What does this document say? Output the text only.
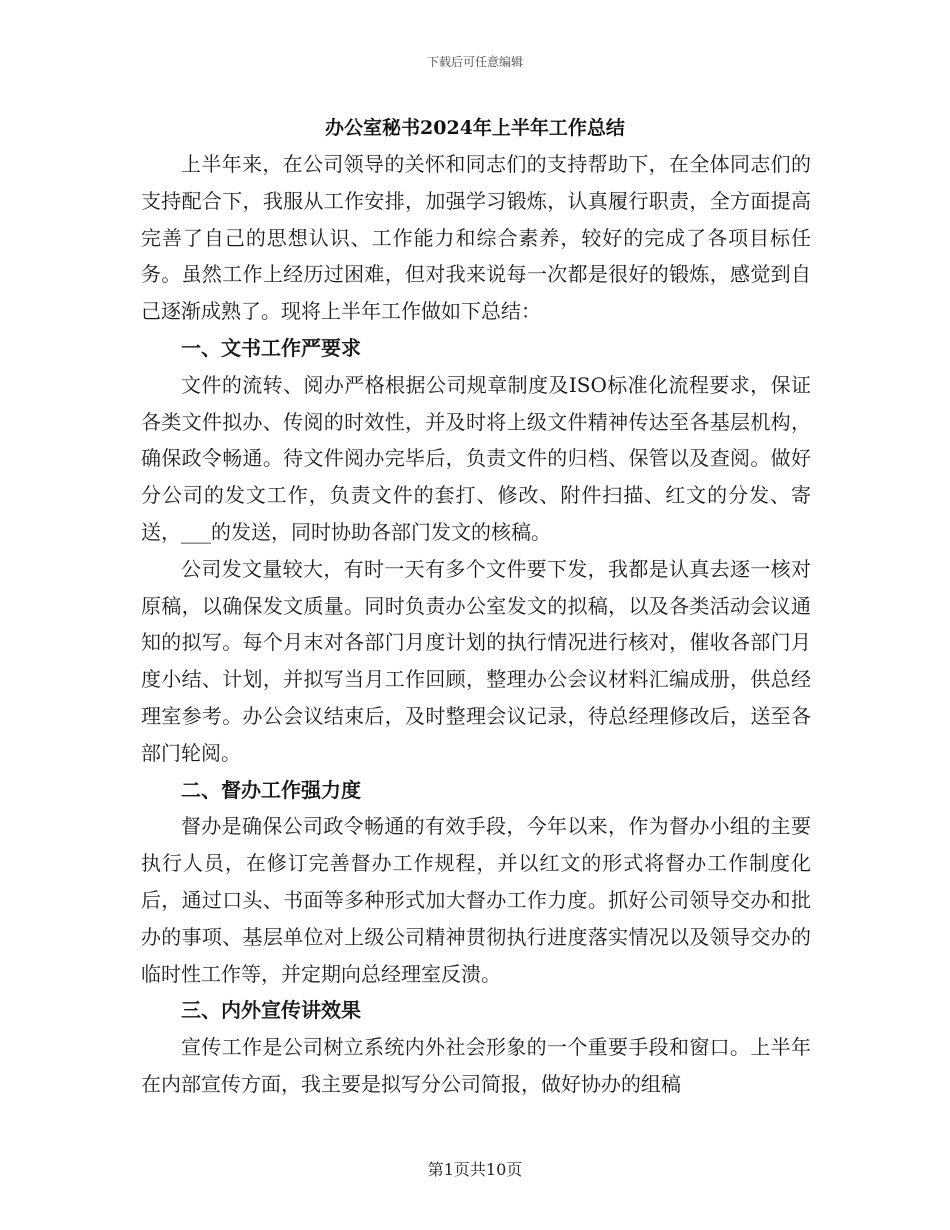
下载后可任意编辑
办公室秘书2024年上半年工作总结

上半年来，在公司领导的关怀和同志们的支持帮助下，在全体同志们的支持配合下，我服从工作安排，加强学习锻炼，认真履行职责，全方面提高完善了自己的思想认识、工作能力和综合素养，较好的完成了各项目标任务。虽然工作上经历过困难，但对我来说每一次都是很好的锻炼，感觉到自己逐渐成熟了。现将上半年工作做如下总结：

一、文书工作严要求

文件的流转、阅办严格根据公司规章制度及ISO标准化流程要求，保证各类文件拟办、传阅的时效性，并及时将上级文件精神传达至各基层机构，确保政令畅通。待文件阅办完毕后，负责文件的归档、保管以及查阅。做好分公司的发文工作，负责文件的套打、修改、附件扫描、红文的分发、寄送，___的发送，同时协助各部门发文的核稿。

公司发文量较大，有时一天有多个文件要下发，我都是认真去逐一核对原稿，以确保发文质量。同时负责办公室发文的拟稿，以及各类活动会议通知的拟写。每个月末对各部门月度计划的执行情况进行核对，催收各部门月度小结、计划，并拟写当月工作回顾，整理办公会议材料汇编成册，供总经理室参考。办公会议结束后，及时整理会议记录，待总经理修改后，送至各部门轮阅。

二、督办工作强力度

督办是确保公司政令畅通的有效手段，今年以来，作为督办小组的主要执行人员，在修订完善督办工作规程，并以红文的形式将督办工作制度化后，通过口头、书面等多种形式加大督办工作力度。抓好公司领导交办和批办的事项、基层单位对上级公司精神贯彻执行进度落实情况以及领导交办的临时性工作等，并定期向总经理室反溃。

三、内外宣传讲效果

宣传工作是公司树立系统内外社会形象的一个重要手段和窗口。上半年在内部宣传方面，我主要是拟写分公司简报，做好协办的组稿

第1页共10页
